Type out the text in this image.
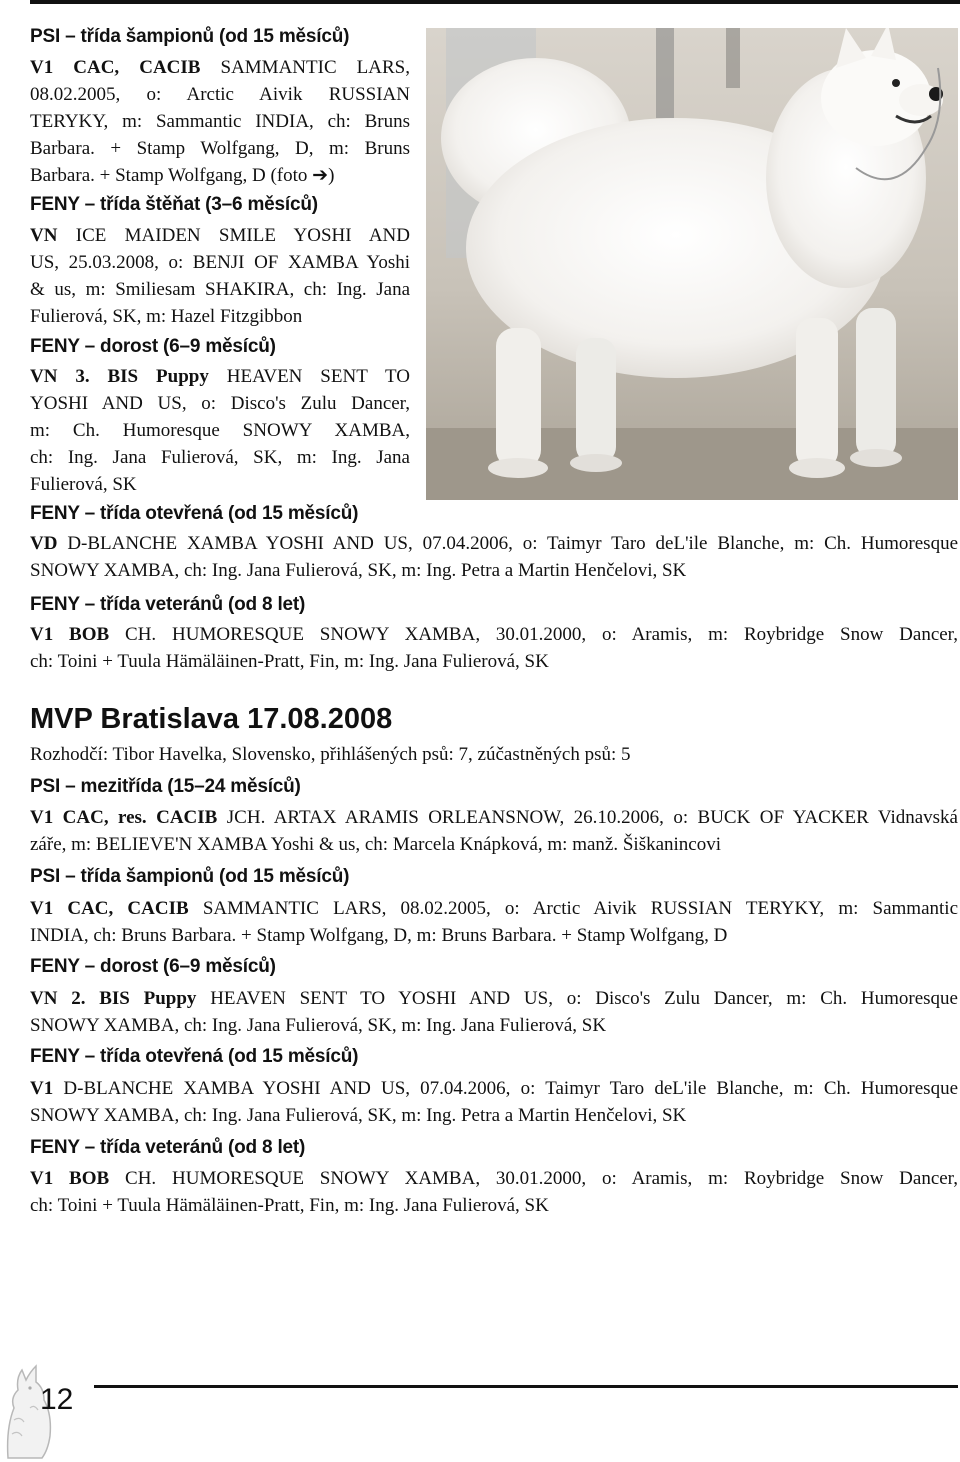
PSI – třída šampionů (od 15 měsíců)
V1 CAC, CACIB SAMMANTIC LARS,
08.02.2005, o: Arctic Aivik RUSSIAN
TERYKY, m: Sammantic INDIA, ch: Bruns
Barbara. + Stamp Wolfgang, D, m: Bruns
Barbara. + Stamp Wolfgang, D (foto ➔)
FENY – třída štěňat (3–6 měsíců)
VN ICE MAIDEN SMILE YOSHI AND
US, 25.03.2008, o: BENJI OF XAMBA Yoshi
& us, m: Smiliesam SHAKIRA, ch: Ing. Jana
Fulierová, SK, m: Hazel Fitzgibbon
FENY – dorost (6–9 měsíců)
VN 3. BIS Puppy HEAVEN SENT TO
YOSHI AND US, o: Disco's Zulu Dancer,
m: Ch. Humoresque SNOWY XAMBA,
ch: Ing. Jana Fulierová, SK, m: Ing. Jana
Fulierová, SK
FENY – třída otevřená (od 15 měsíců)
VD D-BLANCHE XAMBA YOSHI AND US, 07.04.2006, o: Taimyr Taro deL'ile Blanche, m: Ch. Humoresque
SNOWY XAMBA, ch: Ing. Jana Fulierová, SK, m: Ing. Petra a Martin Henčelovi, SK
FENY – třída veteránů (od 8 let)
V1 BOB CH. HUMORESQUE SNOWY XAMBA, 30.01.2000, o: Aramis, m: Roybridge Snow Dancer,
ch: Toini + Tuula Hämäläinen-Pratt, Fin, m: Ing. Jana Fulierová, SK
MVP Bratislava 17.08.2008
Rozhodčí: Tibor Havelka, Slovensko, přihlášených psů: 7, zúčastněných psů: 5
PSI – mezitřída (15–24 měsíců)
V1 CAC, res. CACIB JCH. ARTAX ARAMIS ORLEANSNOW, 26.10.2006, o: BUCK OF YACKER Vidnavská
záře, m: BELIEVE'N XAMBA Yoshi & us, ch: Marcela Knápková, m: manž. Šiškanincovi
PSI – třída šampionů (od 15 měsíců)
V1 CAC, CACIB SAMMANTIC LARS, 08.02.2005, o: Arctic Aivik RUSSIAN TERYKY, m: Sammantic
INDIA, ch: Bruns Barbara. + Stamp Wolfgang, D, m: Bruns Barbara. + Stamp Wolfgang, D
FENY – dorost (6–9 měsíců)
VN 2. BIS Puppy HEAVEN SENT TO YOSHI AND US, o: Disco's Zulu Dancer, m: Ch. Humoresque
SNOWY XAMBA, ch: Ing. Jana Fulierová, SK, m: Ing. Jana Fulierová, SK
FENY – třída otevřená (od 15 měsíců)
V1 D-BLANCHE XAMBA YOSHI AND US, 07.04.2006, o: Taimyr Taro deL'ile Blanche, m: Ch. Humoresque
SNOWY XAMBA, ch: Ing. Jana Fulierová, SK, m: Ing. Petra a Martin Henčelovi, SK
FENY – třída veteránů (od 8 let)
V1 BOB CH. HUMORESQUE SNOWY XAMBA, 30.01.2000, o: Aramis, m: Roybridge Snow Dancer,
ch: Toini + Tuula Hämäläinen-Pratt, Fin, m: Ing. Jana Fulierová, SK
12
